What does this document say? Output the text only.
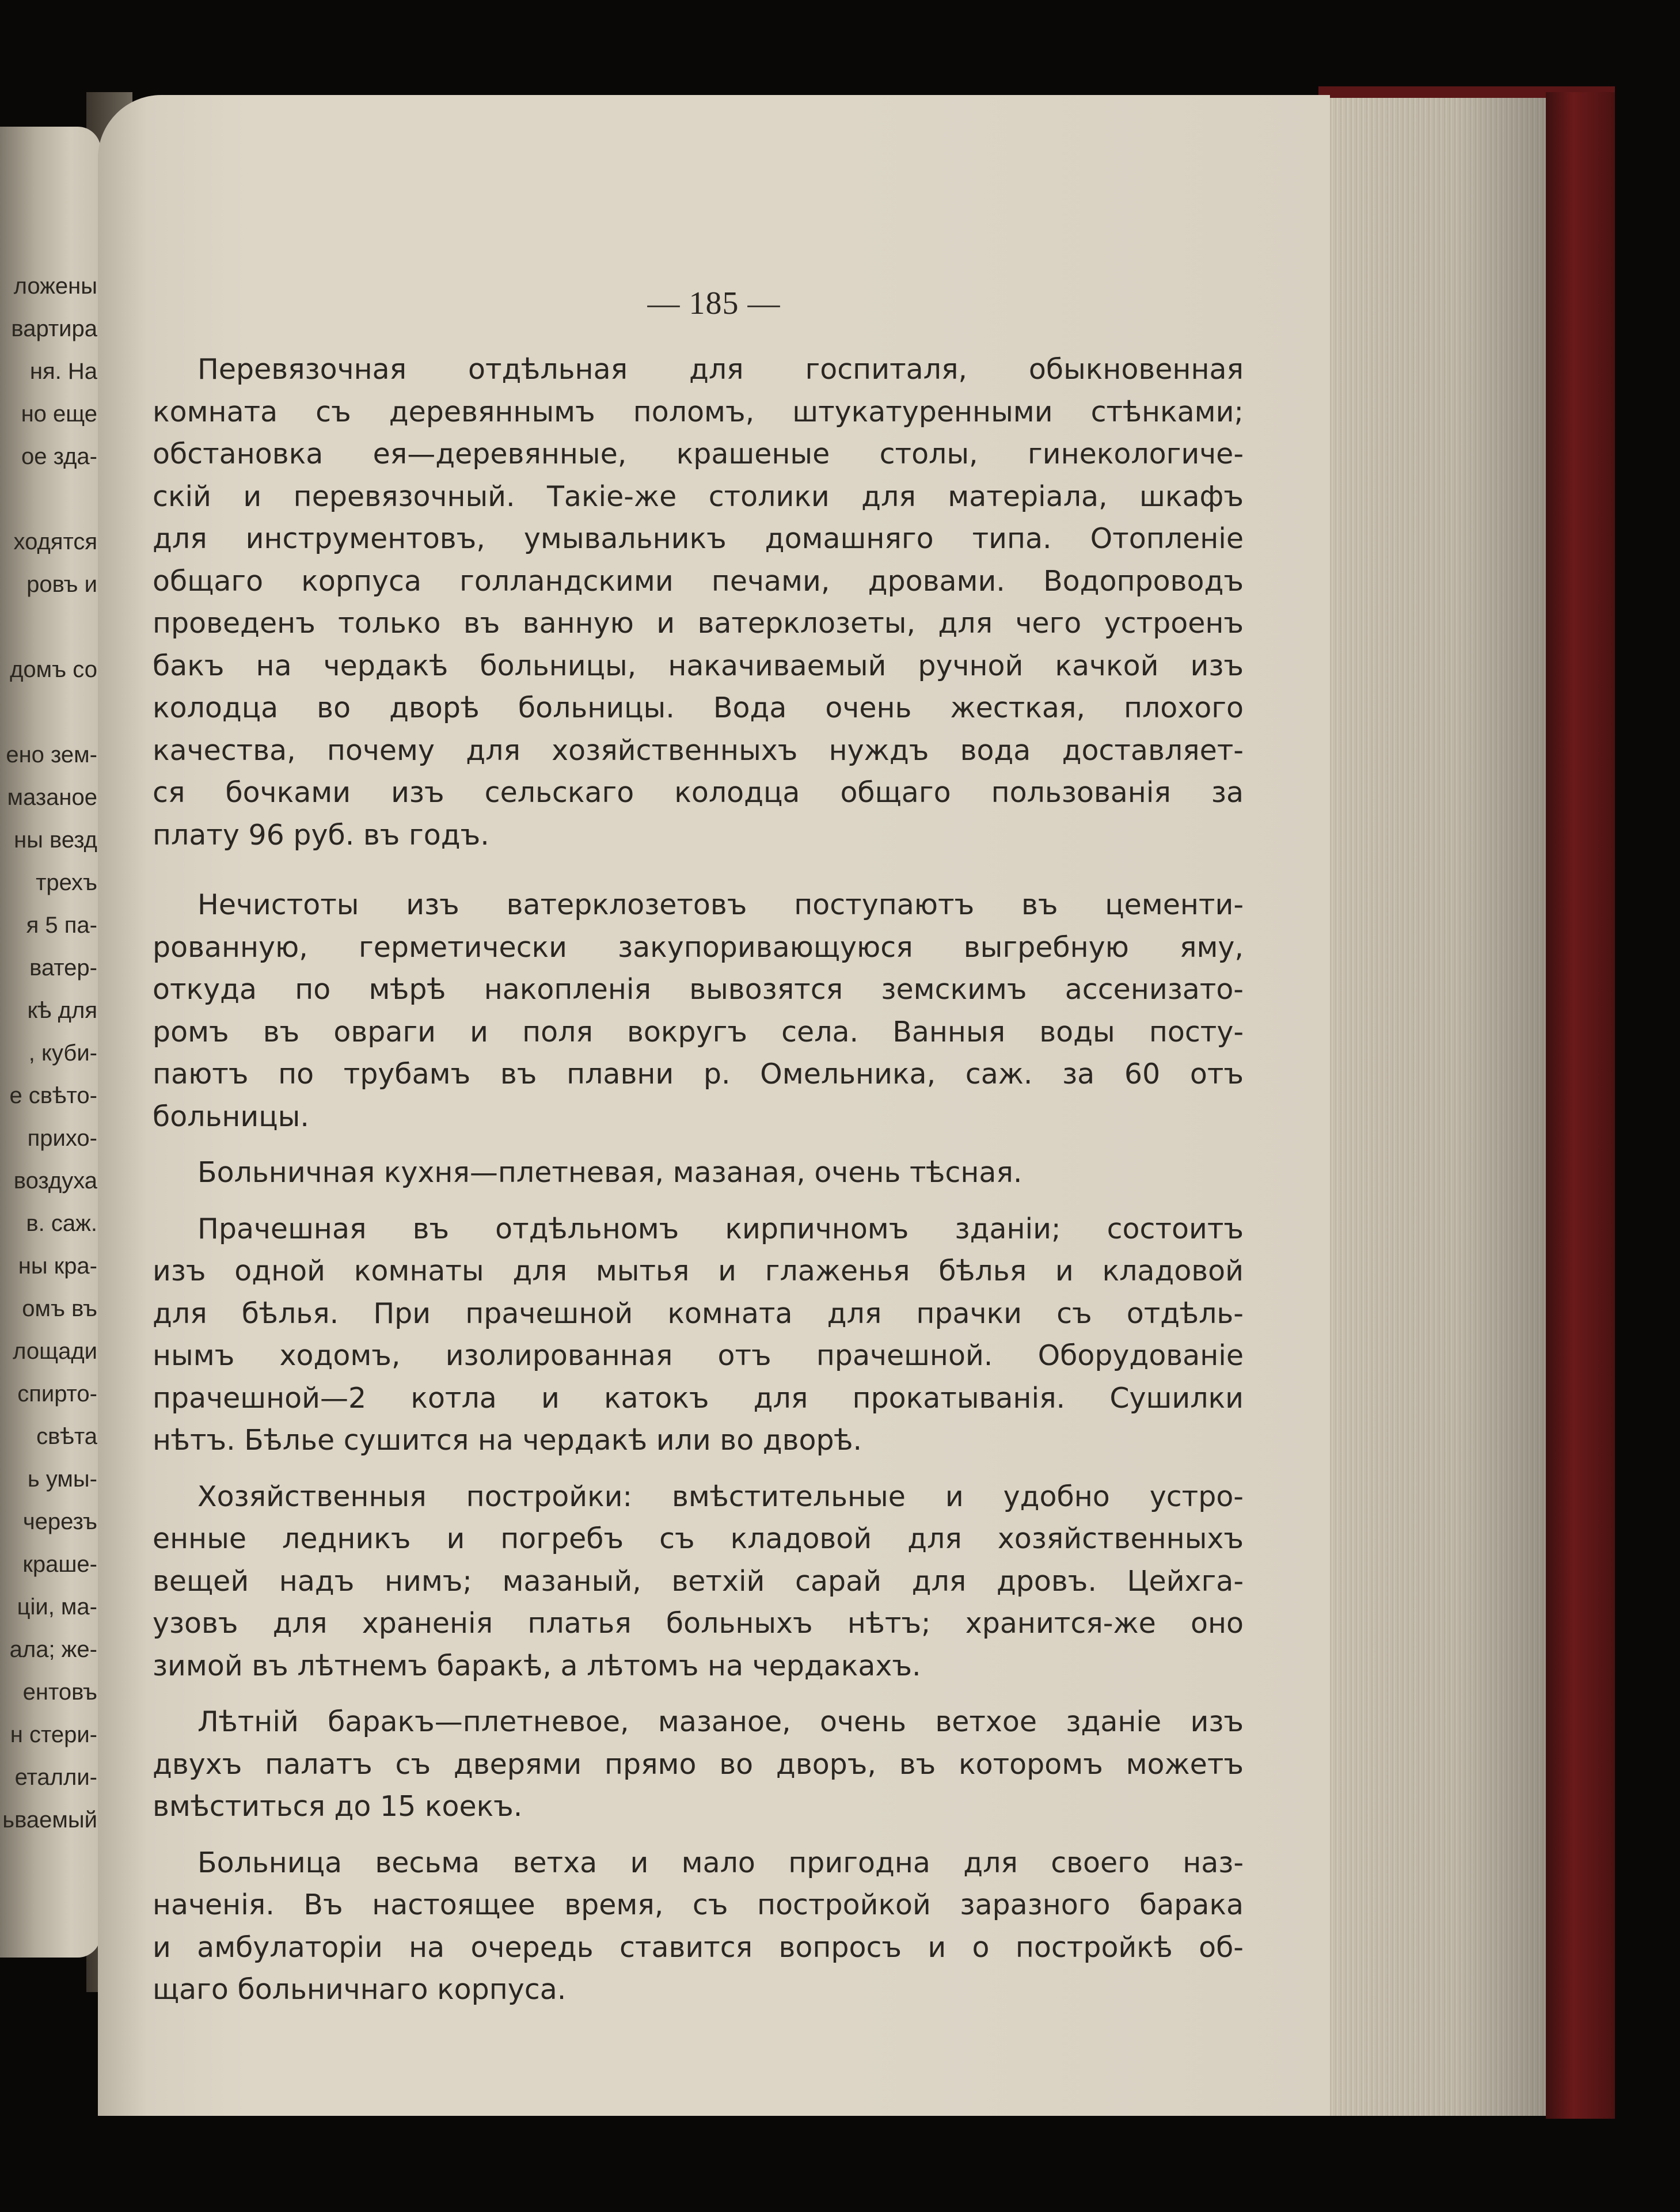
ложены
вартира
ня. На
но еще
ое зда-
ходятся
ровъ и
домъ со
ено зем-
мазаное
ны везд
трехъ
я 5 па-
ватер-
кѣ для
, куби-
е свѣто-
прихо-
воздуха
в. саж.
ны кра-
омъ въ
лощади
спирто-
свѣта
ь умы-
черезъ
краше-
ціи, ма-
ала; же-
ентовъ
н стери-
еталли-
ьваемый
— 185 —
Перевязочная отдѣльная для госпиталя, обыкновенная
комната съ деревяннымъ поломъ, штукатуренными стѣнками;
обстановка ея—деревянные, крашеные столы, гинекологиче-
скій и перевязочный. Такіе-же столики для матеріала, шкафъ
для инструментовъ, умывальникъ домашняго типа. Отопленіе
общаго корпуса голландскими печами, дровами. Водопроводъ
проведенъ только въ ванную и ватерклозеты, для чего устроенъ
бакъ на чердакѣ больницы, накачиваемый ручной качкой изъ
колодца во дворѣ больницы. Вода очень жесткая, плохого
качества, почему для хозяйственныхъ нуждъ вода доставляет-
ся бочками изъ сельскаго колодца общаго пользованія за
плату 96 руб. въ годъ.
Нечистоты изъ ватерклозетовъ поступаютъ въ цементи-
рованную, герметически закупоривающуюся выгребную яму,
откуда по мѣрѣ накопленія вывозятся земскимъ ассенизато-
ромъ въ овраги и поля вокругъ села. Ванныя воды посту-
паютъ по трубамъ въ плавни р. Омельника, саж. за 60 отъ
больницы.
Больничная кухня—плетневая, мазаная, очень тѣсная.
Прачешная въ отдѣльномъ кирпичномъ зданіи; состоитъ
изъ одной комнаты для мытья и глаженья бѣлья и кладовой
для бѣлья. При прачешной комната для прачки съ отдѣль-
нымъ ходомъ, изолированная отъ прачешной. Оборудованіе
прачешной—2 котла и катокъ для прокатыванія. Сушилки
нѣтъ. Бѣлье сушится на чердакѣ или во дворѣ.
Хозяйственныя постройки: вмѣстительные и удобно устро-
енные ледникъ и погребъ съ кладовой для хозяйственныхъ
вещей надъ нимъ; мазаный, ветхій сарай для дровъ. Цейхга-
узовъ для храненія платья больныхъ нѣтъ; хранится-же оно
зимой въ лѣтнемъ баракѣ, а лѣтомъ на чердакахъ.
Лѣтній баракъ—плетневое, мазаное, очень ветхое зданіе изъ
двухъ палатъ съ дверями прямо во дворъ, въ которомъ можетъ
вмѣститься до 15 коекъ.
Больница весьма ветха и мало пригодна для своего наз-
наченія. Въ настоящее время, съ постройкой заразного барака
и амбулаторіи на очередь ставится вопросъ и о постройкѣ об-
щаго больничнаго корпуса.
